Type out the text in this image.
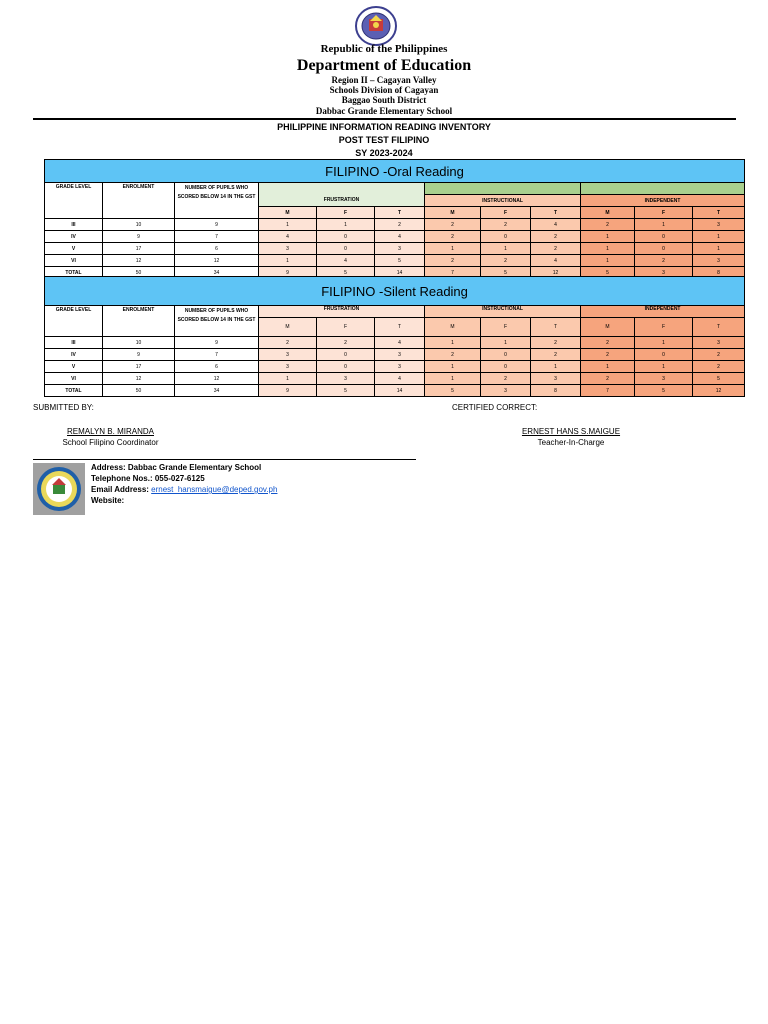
Republic of the Philippines
Department of Education
Region II – Cagayan Valley
Schools Division of Cagayan
Baggao South District
Dabbac Grande Elementary School
PHILIPPINE INFORMATION READING INVENTORY
POST TEST FILIPINO
SY 2023-2024
FILIPINO -Oral Reading											
GRADE LEVEL	ENROLMENT	NUMBER OF PUPILS WHO SCORED BELOW 14 IN THE GST									
			FRUSTRATION			INSTRUCTIONAL			INDEPENDENT		
			M	F	T	M	F	T	M	F	T
III	10	9	1	1	2	2	2	4	2	1	3
IV	9	7	4	0	4	2	0	2	1	0	1
V	17	6	3	0	3	1	1	2	1	0	1
VI	12	12	1	4	5	2	2	4	1	2	3
TOTAL	50	34	9	5	14	7	5	12	5	3	8
FILIPINO -Silent Reading											
GRADE LEVEL	ENROLMENT	NUMBER OF PUPILS WHO SCORED BELOW 14 IN THE GST	FRUSTRATION			INSTRUCTIONAL			INDEPENDENT		
			M	F	T	M	F	T	M	F	T
III	10	9	2	2	4	1	1	2	2	1	3
IV	9	7	3	0	3	2	0	2	2	0	2
V	17	6	3	0	3	1	0	1	1	1	2
VI	12	12	1	3	4	1	2	3	2	3	5
TOTAL	50	34	9	5	14	5	3	8	7	5	12
SUBMITTED BY:	CERTIFIED CORRECT:
REMALYN B. MIRANDA
School Filipino Coordinator
ERNEST HANS S.MAIGUE
Teacher-In-Charge
Address: Dabbac Grande Elementary School
Telephone Nos.: 055-027-6125
Email Address: ernest_hansmaigue@deped.gov.ph
Website:
